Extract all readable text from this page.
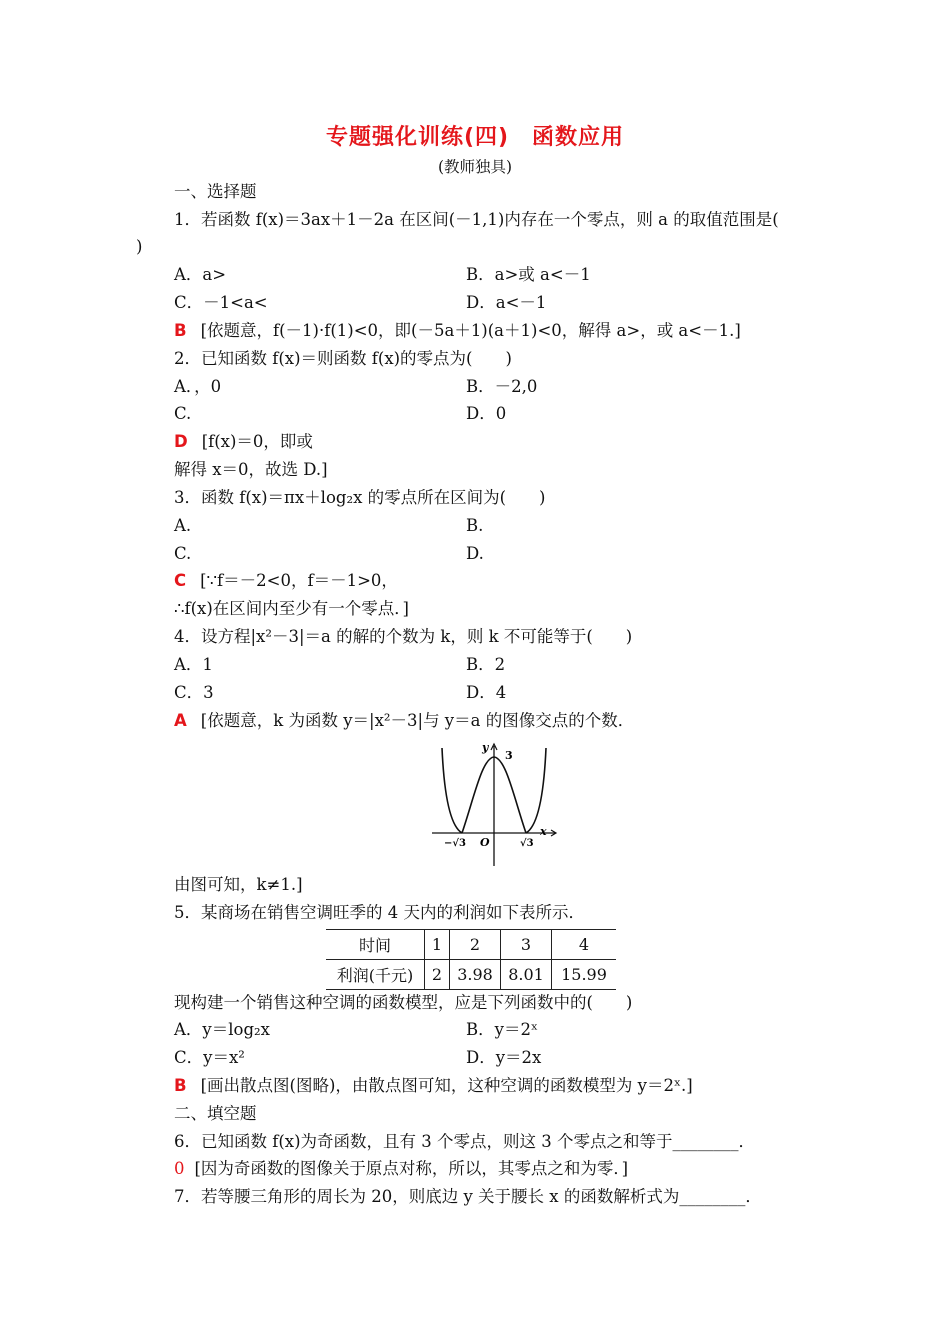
专题强化训练(四)　函数应用
(教师独具)
一、选择题
1．若函数 f(x)＝3ax＋1－2a 在区间(－1,1)内存在一个零点，则 a 的取值范围是(
)
A．a>	B．a>或 a<－1
C．－1<a<	D．a<－1
B [依题意，f(－1)·f(1)<0，即(－5a＋1)(a＋1)<0，解得 a>，或 a<－1.]
2．已知函数 f(x)＝则函数 f(x)的零点为(　　)
A．，0	B．－2,0
C.	D．0
D [f(x)＝0，即或
解得 x＝0，故选 D.]
3．函数 f(x)＝πx＋log₂x 的零点所在区间为(　　)
A.	B.
C.	D.
C [∵f＝－2<0，f＝－1>0，
∴f(x)在区间内至少有一个零点．]
4．设方程|x²－3|＝a 的解的个数为 k，则 k 不可能等于(　　)
A．1	B．2
C．3	D．4
A [依题意，k 为函数 y＝|x²－3|与 y＝a 的图像交点的个数．
y
3
−√3 O	√3
x
由图可知，k≠1.]
5．某商场在销售空调旺季的 4 天内的利润如下表所示．
时间	1	2	3	4
利润(千元)	2	3.98	8.01	15.99
现构建一个销售这种空调的函数模型，应是下列函数中的(　　)
A．y＝log₂x	B．y＝2ˣ
C．y＝x²	D．y＝2x
B [画出散点图(图略)，由散点图可知，这种空调的函数模型为 y＝2ˣ.]
二、填空题
6．已知函数 f(x)为奇函数，且有 3 个零点，则这 3 个零点之和等于________．
0 [因为奇函数的图像关于原点对称，所以，其零点之和为零．]
7．若等腰三角形的周长为 20，则底边 y 关于腰长 x 的函数解析式为________．
